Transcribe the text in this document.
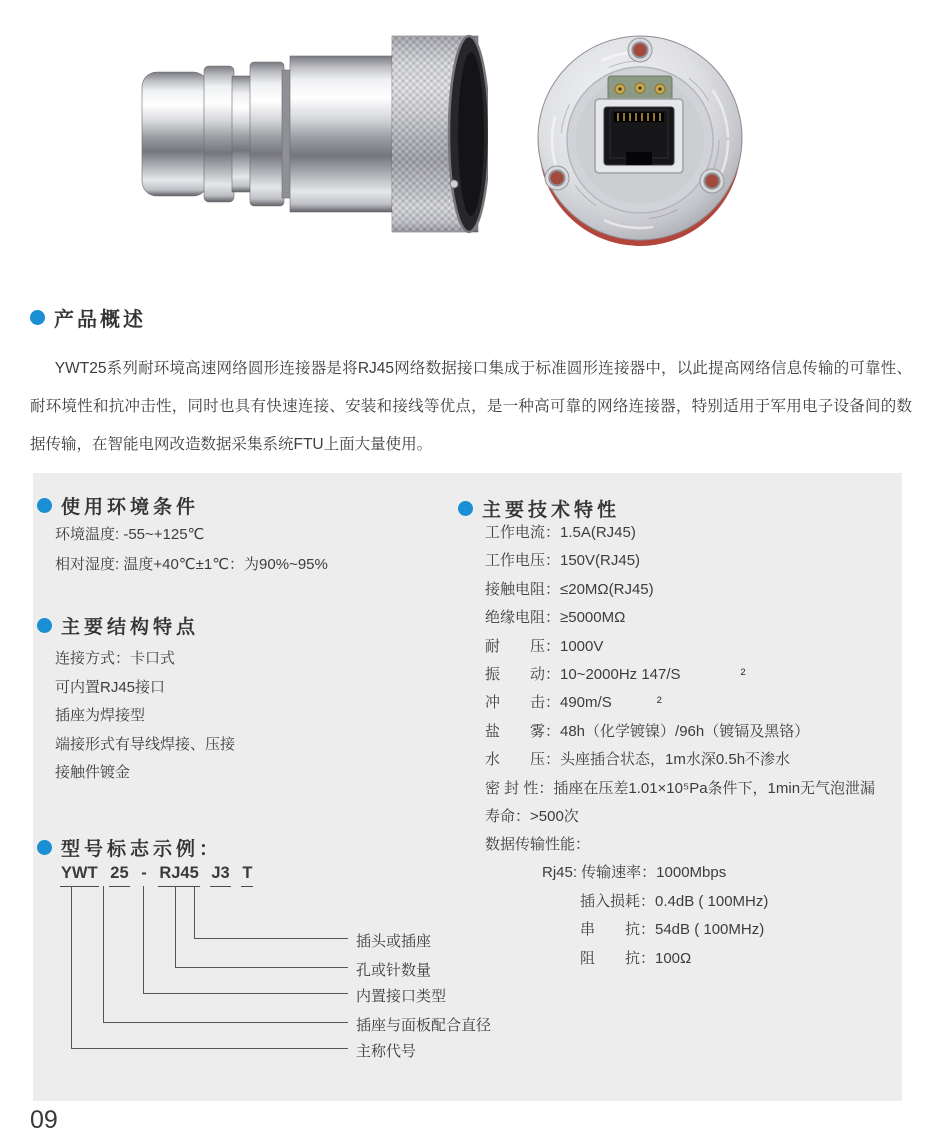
产品概述

YWT25系列耐环境高速网络圆形连接器是将RJ45网络数据接口集成于标准圆形连接器中，以此提高网络信息传输的可靠性、耐环境性和抗冲击性，同时也具有快速连接、安装和接线等优点，是一种高可靠的网络连接器，特别适用于军用电子设备间的数据传输，在智能电网改造数据采集系统FTU上面大量使用。

使用环境条件
环境温度: -55~+125℃
相对湿度: 温度+40℃±1℃：为90%~95%
主要结构特点
连接方式：卡口式
可内置RJ45接口
插座为焊接型
端接形式有导线焊接、压接
接触件镀金
型号标志示例：
YWT 25 - RJ45 J3 T
插头或插座
孔或针数量
内置接口类型
插座与面板配合直径
主称代号
主要技术特性
工作电流：1.5A(RJ45)
工作电压：150V(RJ45)
接触电阻：≤20MΩ(RJ45)
绝缘电阻：≥5000MΩ
耐　　压：1000V
振　　动：10~2000Hz 147/S　　　　²
冲　　击：490m/S　　　²
盐　　雾：48h（化学镀镍）/96h（镀镉及黑铬）
水　　压：头座插合状态，1m水深0.5h不渗水
密 封 性：插座在压差1.01×10⁵Pa条件下，1min无气泡泄漏
寿命：>500次
数据传输性能：
Rj45: 传输速率：1000Mbps
插入损耗：0.4dB ( 100MHz)
串　　抗：54dB ( 100MHz)
阻　　抗：100Ω
09
